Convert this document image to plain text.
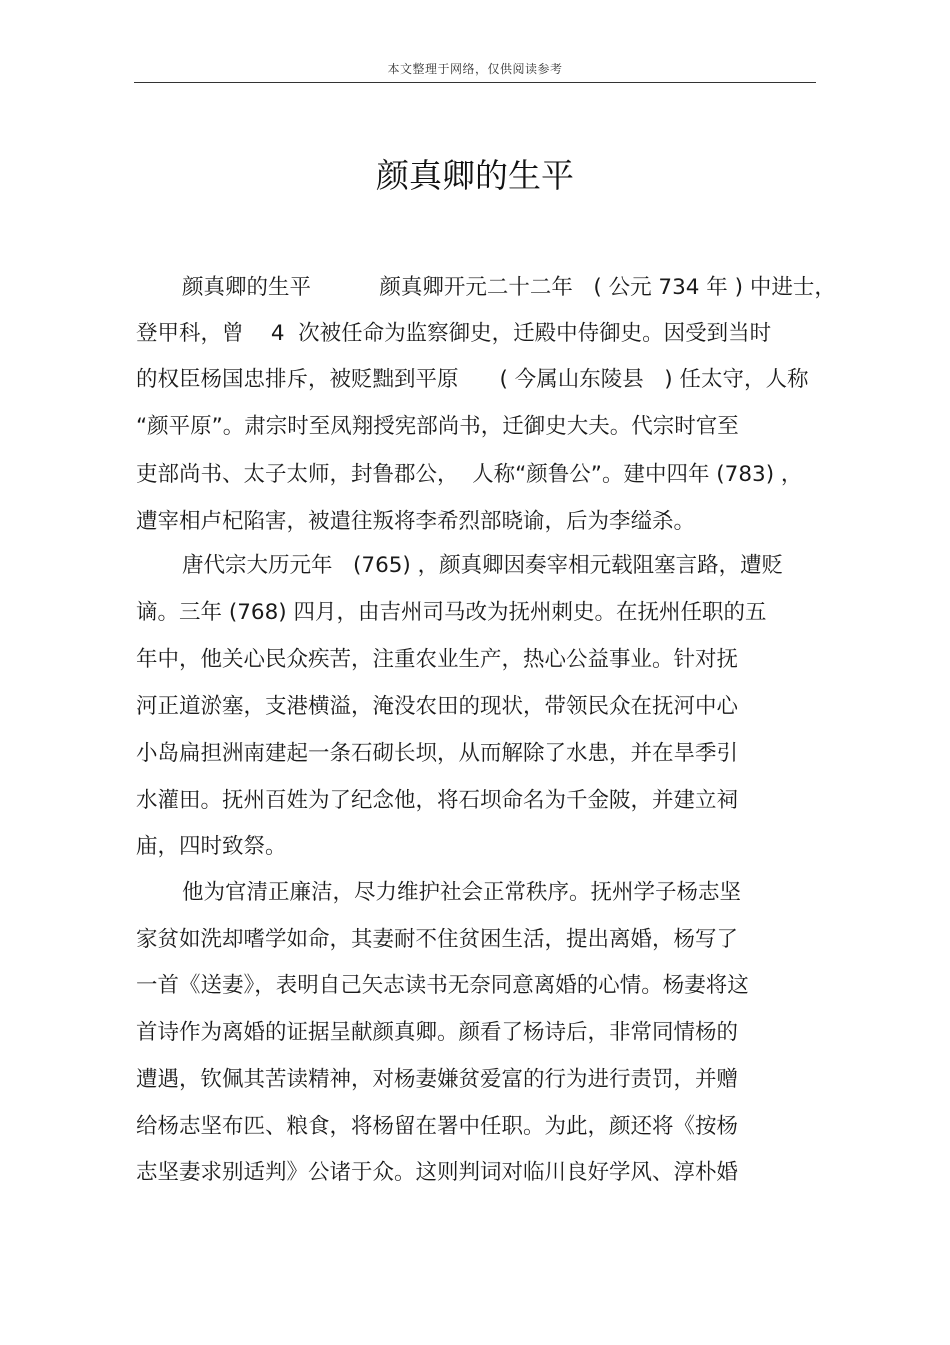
本文整理于网络，仅供阅读参考
颜真卿的生平
颜真卿的生平          颜真卿开元二十二年   ( 公元 734 年 ) 中进士，
登甲科，曾    4  次被任命为监察御史，迁殿中侍御史。因受到当时
的权臣杨国忠排斥，被贬黜到平原      ( 今属山东陵县   ) 任太守，人称
“颜平原”。肃宗时至凤翔授宪部尚书，迁御史大夫。代宗时官至
吏部尚书、太子太师，封鲁郡公，  人称“颜鲁公”。建中四年 (783) ，
遭宰相卢杞陷害，被遣往叛将李希烈部晓谕，后为李缢杀。
唐代宗大历元年   (765) ，颜真卿因奏宰相元载阻塞言路，遭贬
谪。三年 (768) 四月，由吉州司马改为抚州刺史。在抚州任职的五
年中，他关心民众疾苦，注重农业生产，热心公益事业。针对抚
河正道淤塞，支港横溢，淹没农田的现状，带领民众在抚河中心
小岛扁担洲南建起一条石砌长坝，从而解除了水患，并在旱季引
水灌田。抚州百姓为了纪念他，将石坝命名为千金陂，并建立祠
庙，四时致祭。
他为官清正廉洁，尽力维护社会正常秩序。抚州学子杨志坚
家贫如洗却嗜学如命，其妻耐不住贫困生活，提出离婚，杨写了
一首《送妻》，表明自己矢志读书无奈同意离婚的心情。杨妻将这
首诗作为离婚的证据呈献颜真卿。颜看了杨诗后，非常同情杨的
遭遇，钦佩其苦读精神，对杨妻嫌贫爱富的行为进行责罚，并赠
给杨志坚布匹、粮食，将杨留在署中任职。为此，颜还将《按杨
志坚妻求别适判》公诸于众。这则判词对临川良好学风、淳朴婚
